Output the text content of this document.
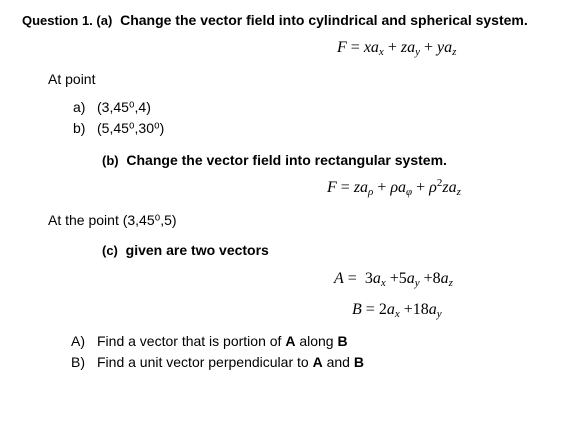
Question 1. (a) Change the vector field into cylindrical and spherical system.
$F = xa_x + za_y + ya_z$
At point
a) (3,45⁰,4)
b) (5,45⁰,30⁰)
(b) Change the vector field into rectangular system.
$F = za_\rho + \rho a_\varphi + \rho^2za_z$
At the point (3,45⁰,5)
(c) given are two vectors
$A = 3a_x +5a_y +8a_z$
$B = 2a_x +18a_y$
A) Find a vector that is portion of A along B
B) Find a unit vector perpendicular to A and B
